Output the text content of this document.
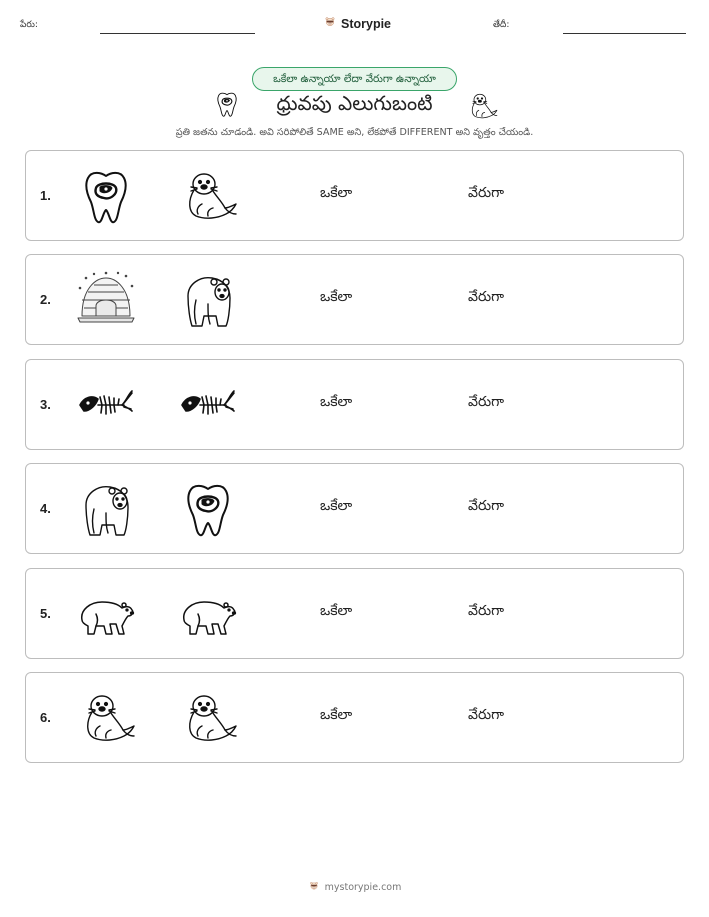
పేరు:	Storypie	తేదీ:
ఒకేలా ఉన్నాయా లేదా వేరుగా ఉన్నాయా
ధ్రువపు ఎలుగుబంటి
ప్రతి జతను చూడండి. అవి సరిపోలితే SAME అని, లేకపోతే DIFFERENT అని వృత్తం చేయండి.
1.	ఒకేలా	వేరుగా
2.	ఒకేలా	వేరుగా
3.	ఒకేలా	వేరుగా
4.	ఒకేలా	వేరుగా
5.	ఒకేలా	వేరుగా
6.	ఒకేలా	వేరుగా
mystorypie.com
